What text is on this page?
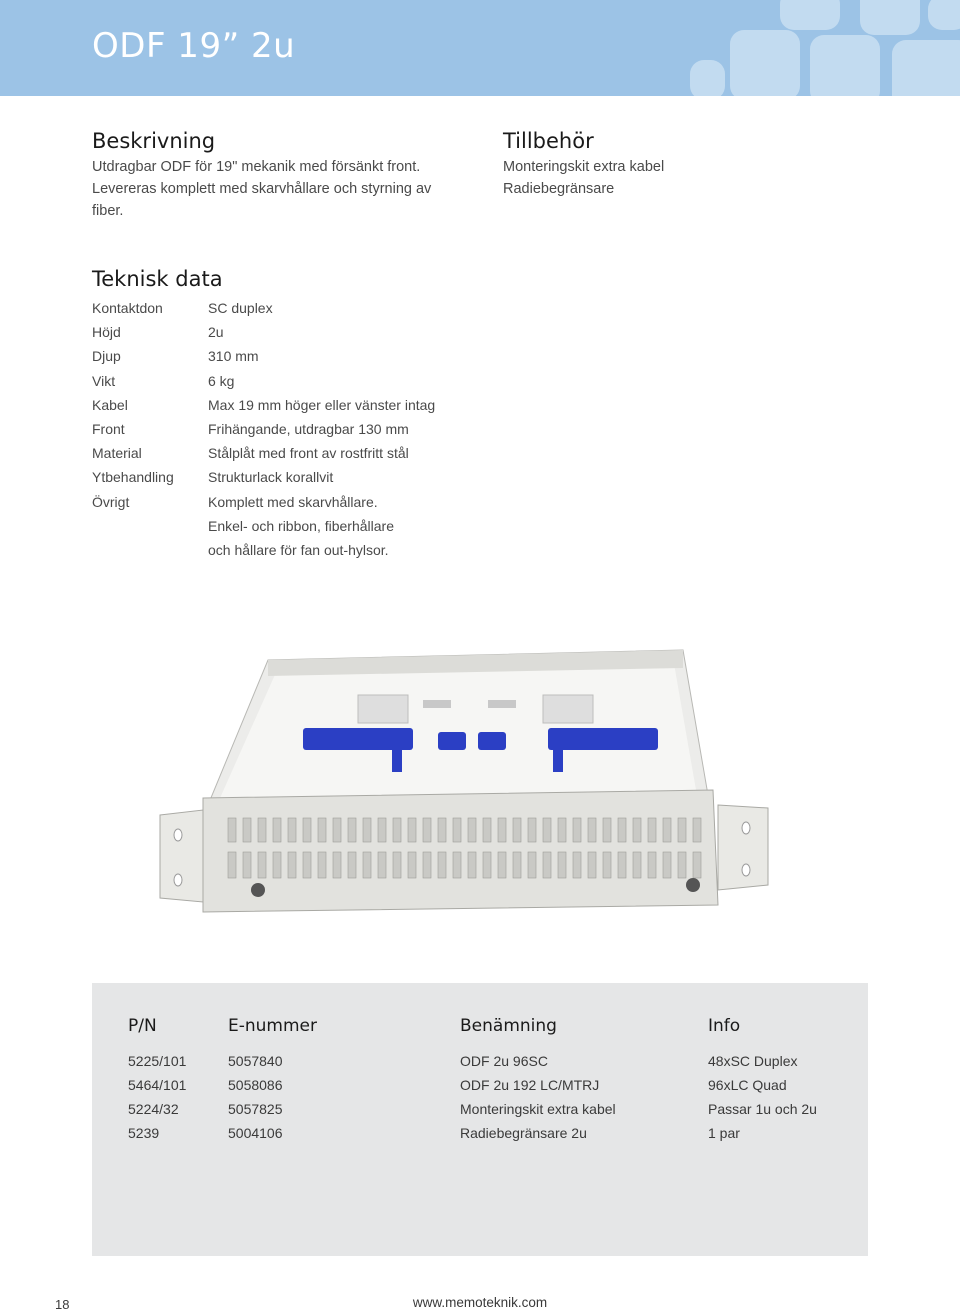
ODF 19” 2u
Beskrivning
Utdragbar ODF för 19" mekanik med försänkt front.
Levereras komplett med skarvhållare och styrning av
fiber.
Tillbehör
Monteringskit extra kabel
Radiebegränsare
Teknisk data
Kontaktdon	SC duplex
Höjd	2u
Djup	310 mm
Vikt	6 kg
Kabel	Max 19 mm höger eller vänster intag
Front	Frihängande, utdragbar 130 mm
Material	Stålplåt med front av rostfritt stål
Ytbehandling	Strukturlack korallvit
Övrigt	Komplett med skarvhållare.
Enkel- och ribbon, fiberhållare
och hållare för fan out-hylsor.
P/N	E-nummer	Benämning	Info
5225/101	5057840	ODF 2u 96SC	48xSC Duplex
5464/101	5058086	ODF 2u 192 LC/MTRJ	96xLC Quad
5224/32	5057825	Monteringskit extra kabel	Passar 1u och 2u
5239	5004106	Radiebegränsare 2u	1 par
18	www.memoteknik.com
